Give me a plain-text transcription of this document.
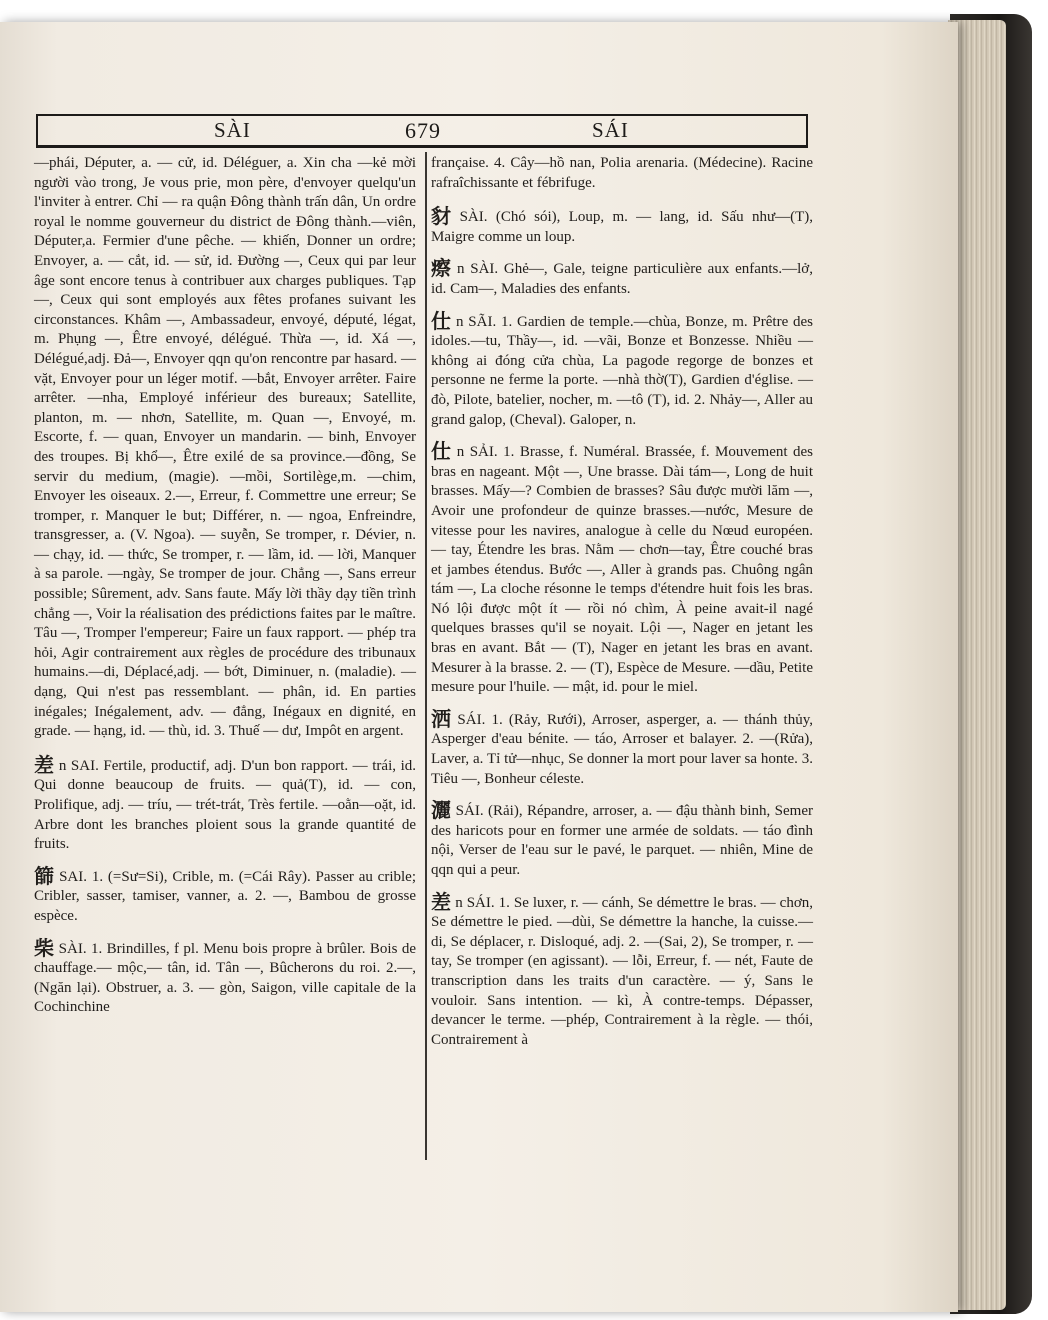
SÀI	679	SÁI

—phái, Députer, a. — cử, id. Déléguer, a. Xin cha —kẻ mời người vào trong, Je vous prie, mon père, d'envoyer quelqu'un l'inviter à entrer. Chỉ — ra quận Đông thành trấn dân, Un ordre royal le nomme gouverneur du district de Đông thành.—viên, Députer,a. Fermier d'une pêche. — khiến, Donner un ordre; Envoyer, a. — cắt, id. — sử, id. Đường —, Ceux qui par leur âge sont encore tenus à contribuer aux charges publiques. Tạp —, Ceux qui sont employés aux fêtes profanes suivant les circonstances. Khâm —, Ambassadeur, envoyé, député, légat, m. Phụng —, Être envoyé, délégué. Thừa —, id. Xá —, Délégué,adj. Đả—, Envoyer qqn qu'on rencontre par hasard. —vặt, Envoyer pour un léger motif. —bắt, Envoyer arrêter. Faire arrêter. —nha, Employé inférieur des bureaux; Satellite, planton, m. — nhơn, Satellite, m. Quan —, Envoyé, m. Escorte, f. — quan, Envoyer un mandarin. — binh, Envoyer des troupes. Bị khổ—, Être exilé de sa province.—đồng, Se servir du medium, (magie). —mồi, Sortilège,m. —chim, Envoyer les oiseaux. 2.—, Erreur, f. Commettre une erreur; Se tromper, r. Manquer le but; Différer, n. — ngoa, Enfreindre, transgresser, a. (V. Ngoa). — suyễn, Se tromper, r. Dévier, n. — chạy, id. — thức, Se tromper, r. — lầm, id. — lời, Manquer à sa parole. —ngày, Se tromper de jour. Chẳng —, Sans erreur possible; Sûrement, adv. Sans faute. Mấy lời thầy dạy tiền trình chẳng —, Voir la réalisation des prédictions faites par le maître. Tâu —, Tromper l'empereur; Faire un faux rapport. — phép tra hỏi, Agir contrairement aux règles de procédure des tribunaux humains.—di, Déplacé,adj. — bớt, Diminuer, n. (maladie). — dạng, Qui n'est pas ressemblant. — phân, id. En parties inégales; Inégalement, adv. — đẳng, Inégaux en dignité, en grade. — hạng, id. — thù, id. 3. Thuế — dư, Impôt en argent.

差 n SAI. Fertile, productif, adj. D'un bon rapport. — trái, id. Qui donne beaucoup de fruits. — quả(T), id. — con, Prolifique, adj. — tríu, — trét-trát, Très fertile. —oằn—oặt, id. Arbre dont les branches ploient sous la grande quantité de fruits.

篩 SAI. 1. (=Sư=Si), Crible, m. (=Cái Rây). Passer au crible; Cribler, sasser, tamiser, vanner, a. 2. —, Bambou de grosse espèce.

柴 SÀI. 1. Brindilles, f pl. Menu bois propre à brûler. Bois de chauffage.— mộc,— tân, id. Tân —, Bûcherons du roi. 2.—, (Ngăn lại). Obstruer, a. 3. — gòn, Saigon, ville capitale de la Cochinchine

française. 4. Cây—hồ nan, Polia arenaria. (Médecine). Racine rafraîchissante et fébrifuge.

豺 SÀI. (Chó sói), Loup, m. — lang, id. Sấu như—(T), Maigre comme un loup.

瘵 n SÀI. Ghẻ—, Gale, teigne particulière aux enfants.—lở, id. Cam—, Maladies des enfants.

仕 n SÃI. 1. Gardien de temple.—chùa, Bonze, m. Prêtre des idoles.—tu, Thầy—, id. —vãi, Bonze et Bonzesse. Nhiều — không ai đóng cửa chùa, La pagode regorge de bonzes et personne ne ferme la porte. —nhà thờ(T), Gardien d'église. — đò, Pilote, batelier, nocher, m. —tô (T), id. 2. Nhảy—, Aller au grand galop, (Cheval). Galoper, n.

仕 n SẢI. 1. Brasse, f. Numéral. Brassée, f. Mouvement des bras en nageant. Một —, Une brasse. Dài tám—, Long de huit brasses. Mấy—? Combien de brasses? Sâu được mười lăm —, Avoir une profondeur de quinze brasses.—nước, Mesure de vitesse pour les navires, analogue à celle du Nœud européen. — tay, Étendre les bras. Nằm — chơn—tay, Être couché bras et jambes étendus. Bước —, Aller à grands pas. Chuông ngân tám —, La cloche résonne le temps d'étendre huit fois les bras. Nó lội được một ít — rồi nó chìm, À peine avait-il nagé quelques brasses qu'il se noyait. Lội —, Nager en jetant les bras en avant. Bắt — (T), Nager en jetant les bras en avant. Mesurer à la brasse. 2. — (T), Espèce de Mesure. —dầu, Petite mesure pour l'huile. — mật, id. pour le miel.

洒 SÁI. 1. (Rảy, Rưới), Arroser, asperger, a. — thánh thủy, Asperger d'eau bénite. — táo, Arroser et balayer. 2. —(Rửa), Laver, a. Tỉ tử—nhục, Se donner la mort pour laver sa honte. 3. Tiêu —, Bonheur céleste.

灑 SÁI. (Rải), Répandre, arroser, a. — đậu thành binh, Semer des haricots pour en former une armée de soldats. — táo đình nội, Verser de l'eau sur le pavé, le parquet. — nhiên, Mine de qqn qui a peur.

差 n SÁI. 1. Se luxer, r. — cánh, Se démettre le bras. — chơn, Se démettre le pied. —dùi, Se démettre la hanche, la cuisse.—di, Se déplacer, r. Disloqué, adj. 2. —(Sai, 2), Se tromper, r. — tay, Se tromper (en agissant). — lỗi, Erreur, f. — nét, Faute de transcription dans les traits d'un caractère. — ý, Sans le vouloir. Sans intention. — kì, À contre-temps. Dépasser, devancer le terme. —phép, Contrairement à la règle. — thói, Contrairement à
